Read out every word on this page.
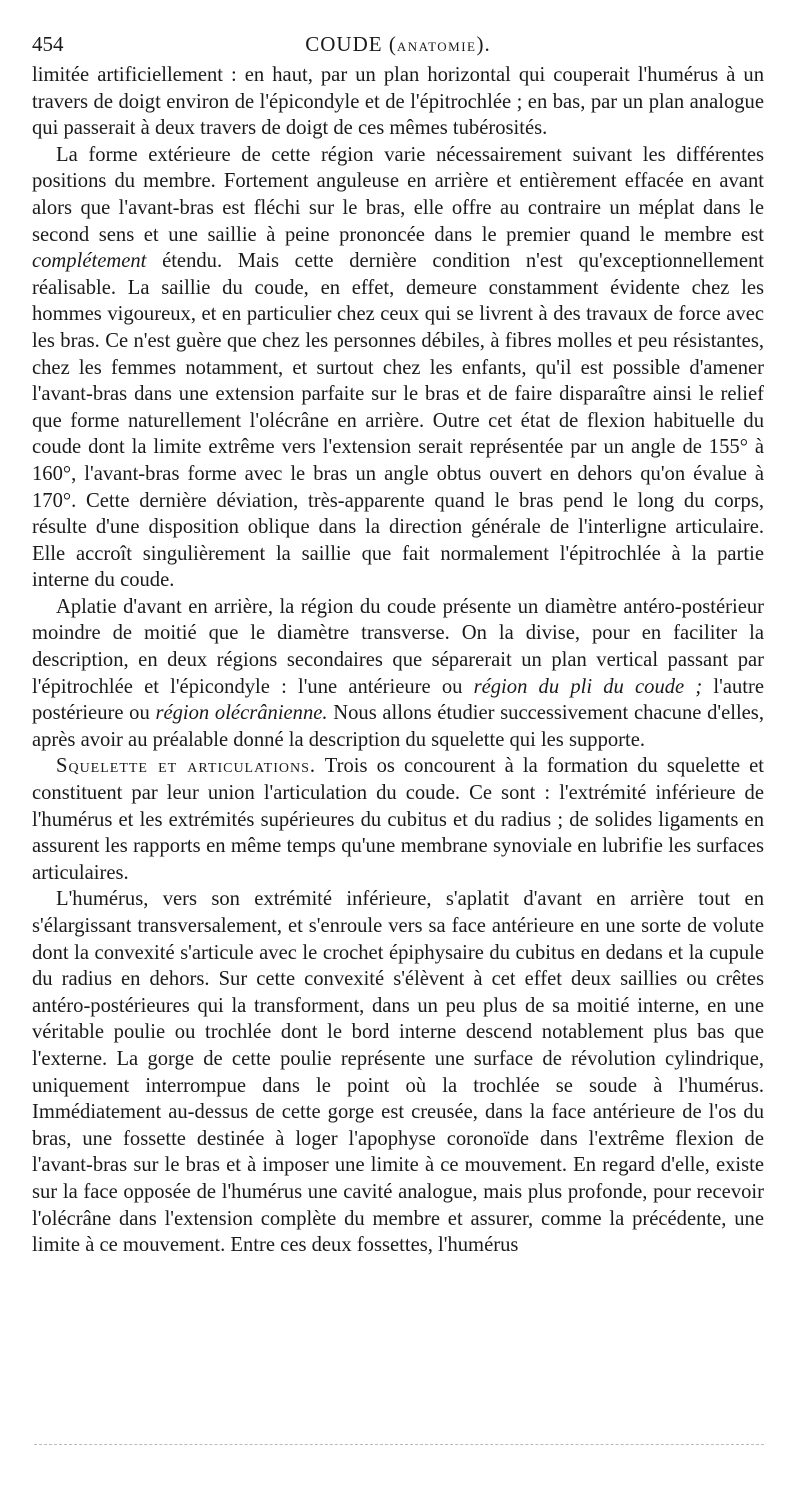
454	COUDE (ANATOMIE).

limitée artificiellement : en haut, par un plan horizontal qui couperait l'humérus à un travers de doigt environ de l'épicondyle et de l'épitrochlée ; en bas, par un plan analogue qui passerait à deux travers de doigt de ces mêmes tubérosités.

La forme extérieure de cette région varie nécessairement suivant les différentes positions du membre. Fortement anguleuse en arrière et entièrement effacée en avant alors que l'avant-bras est fléchi sur le bras, elle offre au contraire un méplat dans le second sens et une saillie à peine prononcée dans le premier quand le membre est complétement étendu. Mais cette dernière condition n'est qu'exceptionnellement réalisable. La saillie du coude, en effet, demeure constamment évidente chez les hommes vigoureux, et en particulier chez ceux qui se livrent à des travaux de force avec les bras. Ce n'est guère que chez les personnes débiles, à fibres molles et peu résistantes, chez les femmes notamment, et surtout chez les enfants, qu'il est possible d'amener l'avant-bras dans une extension parfaite sur le bras et de faire disparaître ainsi le relief que forme naturellement l'olécrâne en arrière. Outre cet état de flexion habituelle du coude dont la limite extrême vers l'extension serait représentée par un angle de 155° à 160°, l'avant-bras forme avec le bras un angle obtus ouvert en dehors qu'on évalue à 170°. Cette dernière déviation, très-apparente quand le bras pend le long du corps, résulte d'une disposition oblique dans la direction générale de l'interligne articulaire. Elle accroît singulièrement la saillie que fait normalement l'épitrochlée à la partie interne du coude.

Aplatie d'avant en arrière, la région du coude présente un diamètre antéro-postérieur moindre de moitié que le diamètre transverse. On la divise, pour en faciliter la description, en deux régions secondaires que séparerait un plan vertical passant par l'épitrochlée et l'épicondyle : l'une antérieure ou région du pli du coude ; l'autre postérieure ou région olécrânienne. Nous allons étudier successivement chacune d'elles, après avoir au préalable donné la description du squelette qui les supporte.

Squelette et articulations. Trois os concourent à la formation du squelette et constituent par leur union l'articulation du coude. Ce sont : l'extrémité inférieure de l'humérus et les extrémités supérieures du cubitus et du radius ; de solides ligaments en assurent les rapports en même temps qu'une membrane synoviale en lubrifie les surfaces articulaires.

L'humérus, vers son extrémité inférieure, s'aplatit d'avant en arrière tout en s'élargissant transversalement, et s'enroule vers sa face antérieure en une sorte de volute dont la convexité s'articule avec le crochet épiphysaire du cubitus en dedans et la cupule du radius en dehors. Sur cette convexité s'élèvent à cet effet deux saillies ou crêtes antéro-postérieures qui la transforment, dans un peu plus de sa moitié interne, en une véritable poulie ou trochlée dont le bord interne descend notablement plus bas que l'externe. La gorge de cette poulie représente une surface de révolution cylindrique, uniquement interrompue dans le point où la trochlée se soude à l'humérus. Immédiatement au-dessus de cette gorge est creusée, dans la face antérieure de l'os du bras, une fossette destinée à loger l'apophyse coronoïde dans l'extrême flexion de l'avant-bras sur le bras et à imposer une limite à ce mouvement. En regard d'elle, existe sur la face opposée de l'humérus une cavité analogue, mais plus profonde, pour recevoir l'olécrâne dans l'extension complète du membre et assurer, comme la précédente, une limite à ce mouvement. Entre ces deux fossettes, l'humérus
